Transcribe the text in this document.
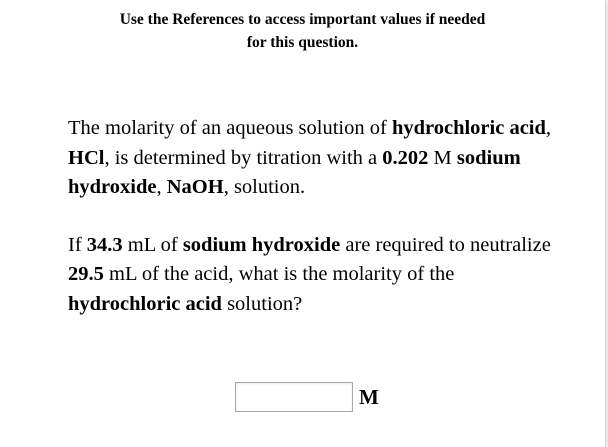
Use the References to access important values if needed
for this question.

The molarity of an aqueous solution of hydrochloric acid, HCl, is determined by titration with a 0.202 M sodium hydroxide, NaOH, solution.

If 34.3 mL of sodium hydroxide are required to neutralize 29.5 mL of the acid, what is the molarity of the hydrochloric acid solution?

M
